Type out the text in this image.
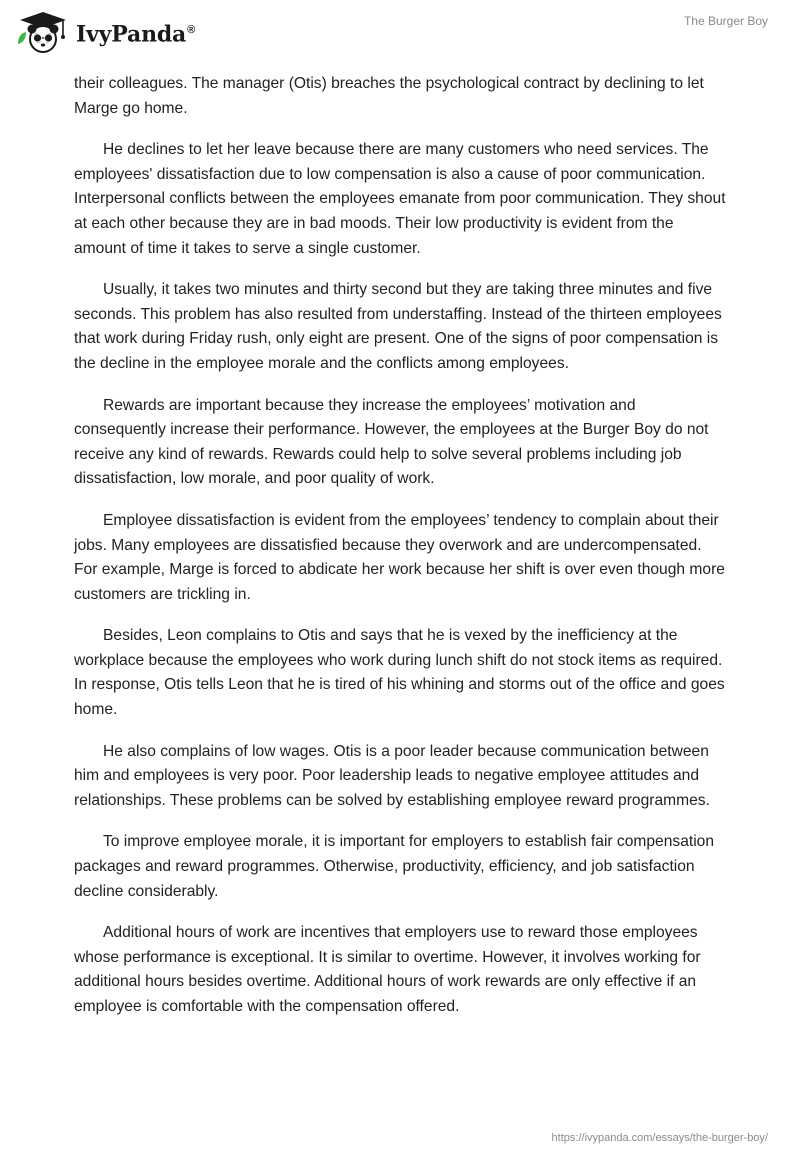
IvyPanda®
The Burger Boy

their colleagues. The manager (Otis) breaches the psychological contract by declining to let Marge go home.

He declines to let her leave because there are many customers who need services. The employees' dissatisfaction due to low compensation is also a cause of poor communication. Interpersonal conflicts between the employees emanate from poor communication. They shout at each other because they are in bad moods. Their low productivity is evident from the amount of time it takes to serve a single customer.

Usually, it takes two minutes and thirty second but they are taking three minutes and five seconds. This problem has also resulted from understaffing. Instead of the thirteen employees that work during Friday rush, only eight are present. One of the signs of poor compensation is the decline in the employee morale and the conflicts among employees.

Rewards are important because they increase the employees’ motivation and consequently increase their performance. However, the employees at the Burger Boy do not receive any kind of rewards. Rewards could help to solve several problems including job dissatisfaction, low morale, and poor quality of work.

Employee dissatisfaction is evident from the employees’ tendency to complain about their jobs. Many employees are dissatisfied because they overwork and are undercompensated. For example, Marge is forced to abdicate her work because her shift is over even though more customers are trickling in.

Besides, Leon complains to Otis and says that he is vexed by the inefficiency at the workplace because the employees who work during lunch shift do not stock items as required. In response, Otis tells Leon that he is tired of his whining and storms out of the office and goes home.

He also complains of low wages. Otis is a poor leader because communication between him and employees is very poor. Poor leadership leads to negative employee attitudes and relationships. These problems can be solved by establishing employee reward programmes.

To improve employee morale, it is important for employers to establish fair compensation packages and reward programmes. Otherwise, productivity, efficiency, and job satisfaction decline considerably.

Additional hours of work are incentives that employers use to reward those employees whose performance is exceptional. It is similar to overtime. However, it involves working for additional hours besides overtime. Additional hours of work rewards are only effective if an employee is comfortable with the compensation offered.

https://ivypanda.com/essays/the-burger-boy/
